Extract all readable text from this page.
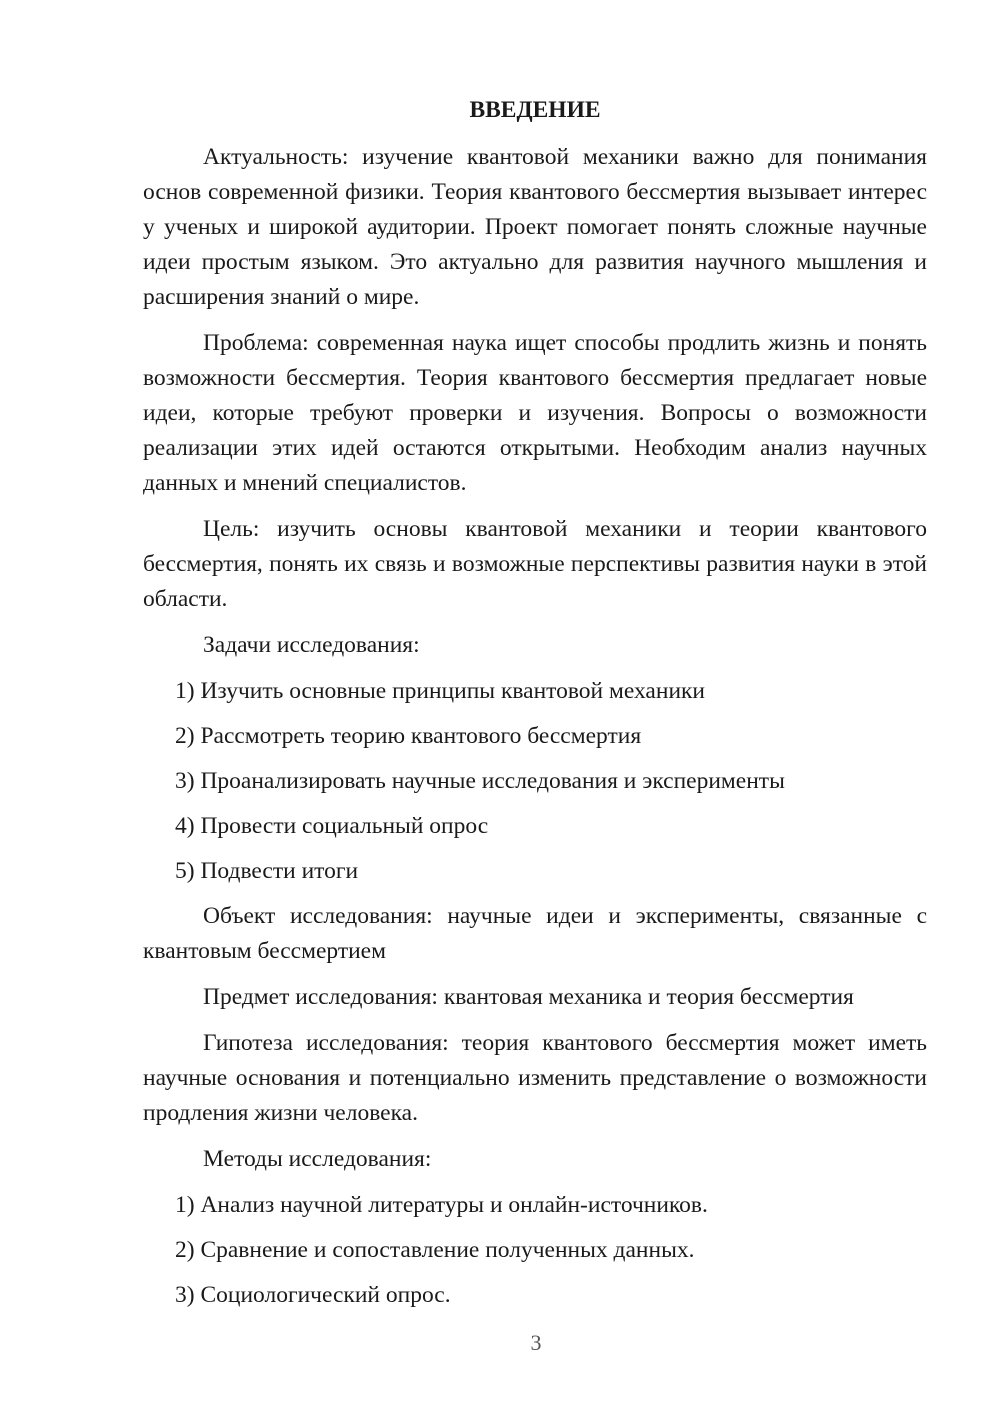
ВВЕДЕНИЕ

Актуальность: изучение квантовой механики важно для понимания основ современной физики. Теория квантового бессмертия вызывает интерес у ученых и широкой аудитории. Проект помогает понять сложные научные идеи простым языком. Это актуально для развития научного мышления и расширения знаний о мире.

Проблема: современная наука ищет способы продлить жизнь и понять возможности бессмертия. Теория квантового бессмертия предлагает новые идеи, которые требуют проверки и изучения. Вопросы о возможности реализации этих идей остаются открытыми. Необходим анализ научных данных и мнений специалистов.

Цель: изучить основы квантовой механики и теории квантового бессмертия, понять их связь и возможные перспективы развития науки в этой области.

Задачи исследования:

1) Изучить основные принципы квантовой механики

2) Рассмотреть теорию квантового бессмертия

3) Проанализировать научные исследования и эксперименты

4) Провести социальный опрос

5) Подвести итоги

Объект исследования: научные идеи и эксперименты, связанные с квантовым бессмертием

Предмет исследования: квантовая механика и теория бессмертия

Гипотеза исследования: теория квантового бессмертия может иметь научные основания и потенциально изменить представление о возможности продления жизни человека.

Методы исследования:

1) Анализ научной литературы и онлайн-источников.

2) Сравнение и сопоставление полученных данных.

3) Социологический опрос.

3
